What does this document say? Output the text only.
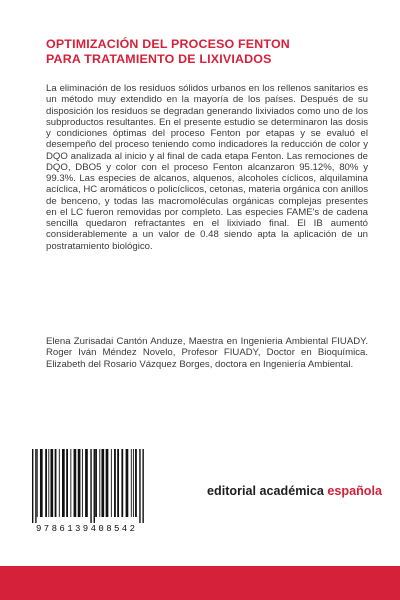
OPTIMIZACIÓN DEL PROCESO FENTON
PARA TRATAMIENTO DE LIXIVIADOS

La eliminación de los residuos sólidos urbanos en los rellenos sanitarios es un método muy extendido en la mayoría de los países. Después de su disposición los residuos se degradan generando lixiviados como uno de los subproductos resultantes. En el presente estudio se determinaron las dosis y condiciones óptimas del proceso Fenton por etapas y se evaluó el desempeño del proceso teniendo como indicadores la reducción de color y DQO analizada al inicio y al final de cada etapa Fenton. Las remociones de DQO, DBO5 y color con el proceso Fenton alcanzaron 95.12%, 80% y 99.3%. Las especies de alcanos, alquenos, alcoholes cíclicos, alquilamina acíclica, HC aromáticos o policíclicos, cetonas, materia orgánica con anillos de benceno, y todas las macromoléculas orgánicas complejas presentes en el LC fueron removidas por completo. Las especies FAME's de cadena sencilla quedaron refractantes en el lixiviado final. El IB aumentó considerablemente a un valor de 0.48 siendo apta la aplicación de un postratamiento biológico.

Elena Zurisadai Cantón Anduze, Maestra en Ingenieria Ambiental FIUADY. Roger Iván Méndez Novelo, Profesor FIUADY, Doctor en Bioquímica. Elizabeth del Rosario Vázquez Borges, doctora en Ingeniería Ambiental.

9786139408542
editorial académica española
